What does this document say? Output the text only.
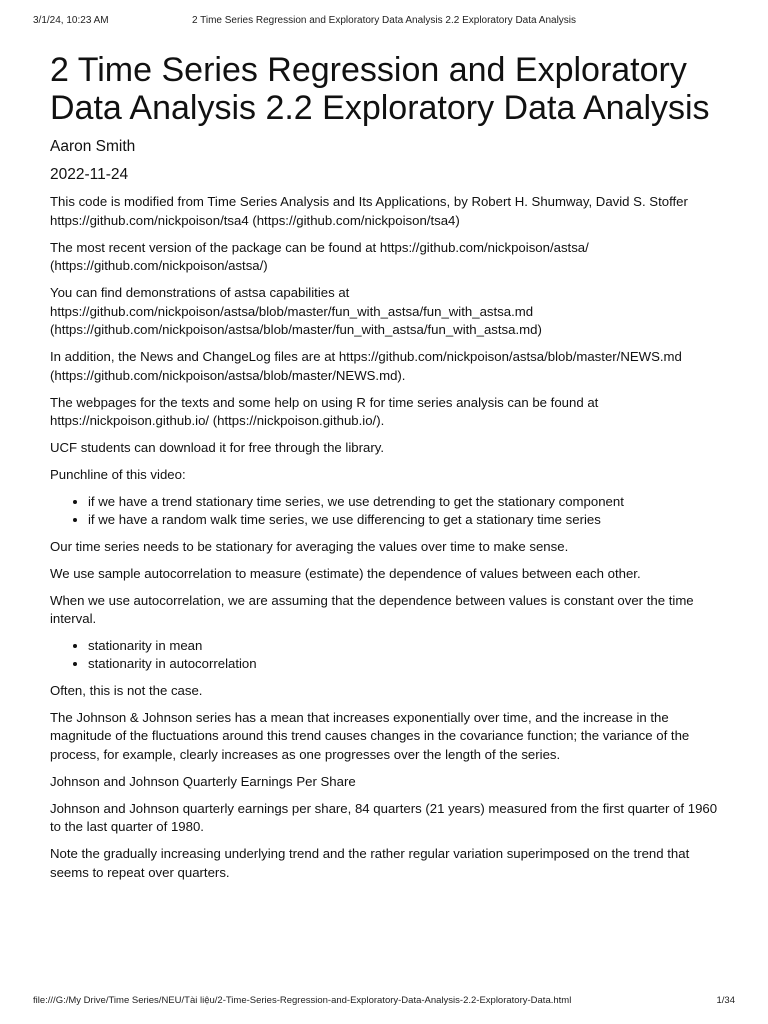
3/1/24, 10:23 AM	2 Time Series Regression and Exploratory Data Analysis 2.2 Exploratory Data Analysis
2 Time Series Regression and Exploratory Data Analysis 2.2 Exploratory Data Analysis
Aaron Smith
2022-11-24

This code is modified from Time Series Analysis and Its Applications, by Robert H. Shumway, David S. Stoffer https://github.com/nickpoison/tsa4 (https://github.com/nickpoison/tsa4)

The most recent version of the package can be found at https://github.com/nickpoison/astsa/ (https://github.com/nickpoison/astsa/)

You can find demonstrations of astsa capabilities at https://github.com/nickpoison/astsa/blob/master/fun_with_astsa/fun_with_astsa.md (https://github.com/nickpoison/astsa/blob/master/fun_with_astsa/fun_with_astsa.md)

In addition, the News and ChangeLog files are at https://github.com/nickpoison/astsa/blob/master/NEWS.md (https://github.com/nickpoison/astsa/blob/master/NEWS.md).

The webpages for the texts and some help on using R for time series analysis can be found at https://nickpoison.github.io/ (https://nickpoison.github.io/).

UCF students can download it for free through the library.

Punchline of this video:

• if we have a trend stationary time series, we use detrending to get the stationary component
• if we have a random walk time series, we use differencing to get a stationary time series

Our time series needs to be stationary for averaging the values over time to make sense.

We use sample autocorrelation to measure (estimate) the dependence of values between each other.

When we use autocorrelation, we are assuming that the dependence between values is constant over the time interval.

• stationarity in mean
• stationarity in autocorrelation

Often, this is not the case.

The Johnson & Johnson series has a mean that increases exponentially over time, and the increase in the magnitude of the fluctuations around this trend causes changes in the covariance function; the variance of the process, for example, clearly increases as one progresses over the length of the series.

Johnson and Johnson Quarterly Earnings Per Share

Johnson and Johnson quarterly earnings per share, 84 quarters (21 years) measured from the first quarter of 1960 to the last quarter of 1980.

Note the gradually increasing underlying trend and the rather regular variation superimposed on the trend that seems to repeat over quarters.

file:///G:/My Drive/Time Series/NEU/Tài liệu/2-Time-Series-Regression-and-Exploratory-Data-Analysis-2.2-Exploratory-Data.html	1/34
